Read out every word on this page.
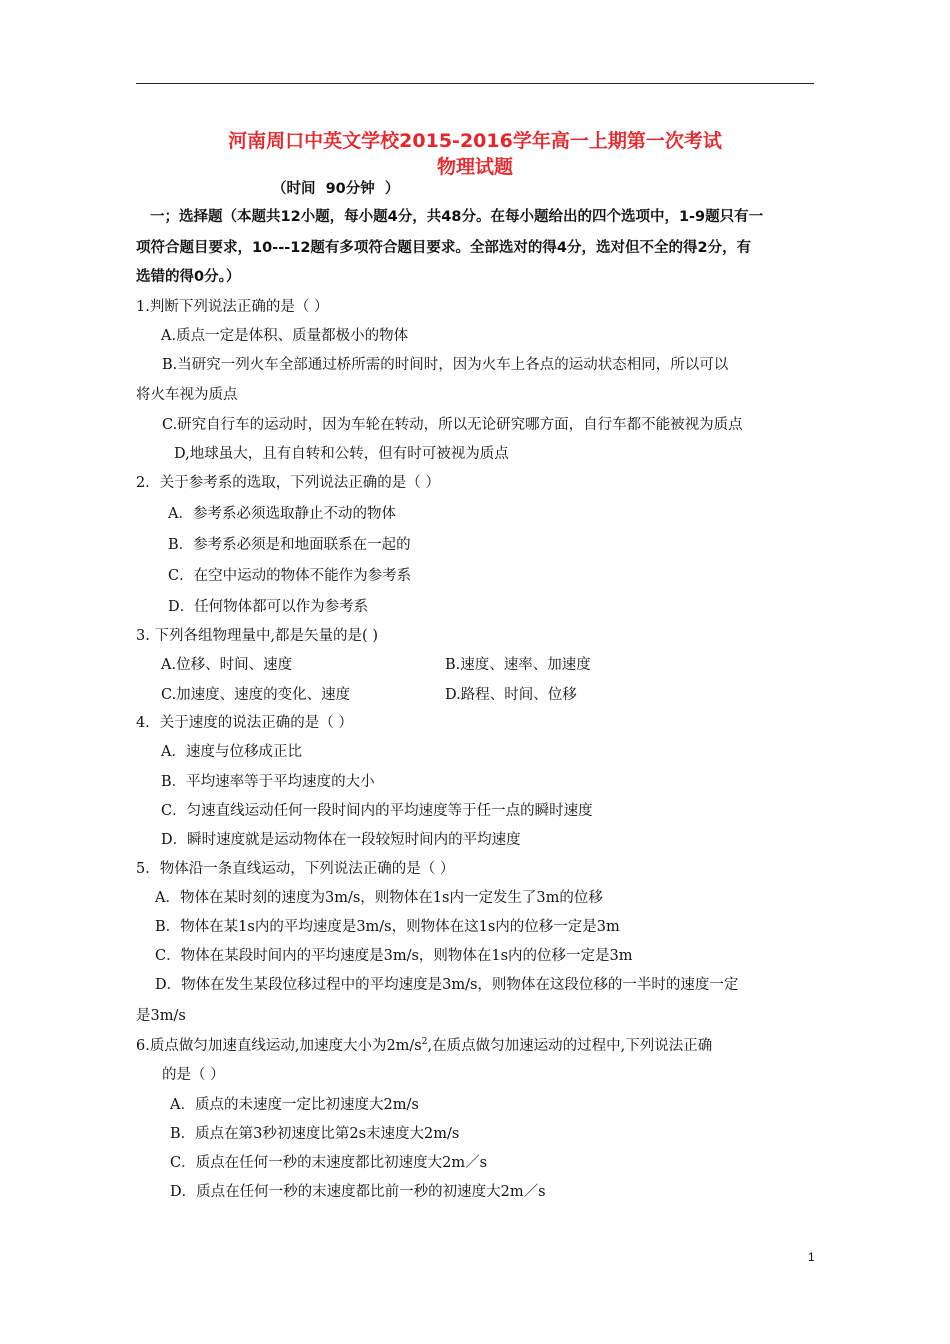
河南周口中英文学校2015-2016学年高一上期第一次考试
物理试题
（时间  90分钟  ）
一；选择题（本题共12小题，每小题4分，共48分。在每小题给出的四个选项中，1-9题只有一
项符合题目要求，10---12题有多项符合题目要求。全部选对的得4分，选对但不全的得2分，有
选错的得0分。）
1.判断下列说法正确的是（ ）
A.质点一定是体积、质量都极小的物体
B.当研究一列火车全部通过桥所需的时间时，因为火车上各点的运动状态相同，所以可以
将火车视为质点
C.研究自行车的运动时，因为车轮在转动，所以无论研究哪方面，自行车都不能被视为质点
D,地球虽大，且有自转和公转，但有时可被视为质点
2．关于参考系的选取，下列说法正确的是（ ）
A．参考系必须选取静止不动的物体
B．参考系必须是和地面联系在一起的
C．在空中运动的物体不能作为参考系
D．任何物体都可以作为参考系
3. 下列各组物理量中,都是矢量的是( )
A.位移、时间、速度	B.速度、速率、加速度
C.加速度、速度的变化、速度	D.路程、时间、位移
4．关于速度的说法正确的是（ ）
A．速度与位移成正比
B．平均速率等于平均速度的大小
C．匀速直线运动任何一段时间内的平均速度等于任一点的瞬时速度
D．瞬时速度就是运动物体在一段较短时间内的平均速度
5．物体沿一条直线运动，下列说法正确的是（ ）
A．物体在某时刻的速度为3m/s，则物体在1s内一定发生了3m的位移
B．物体在某1s内的平均速度是3m/s，则物体在这1s内的位移一定是3m
C．物体在某段时间内的平均速度是3m/s，则物体在1s内的位移一定是3m
D．物体在发生某段位移过程中的平均速度是3m/s，则物体在这段位移的一半时的速度一定
是3m/s
6.质点做匀加速直线运动,加速度大小为$2m/s^2$,在质点做匀加速运动的过程中,下列说法正确
的是（ ）
A．质点的未速度一定比初速度大2m/s
B．质点在第3秒初速度比第2s末速度大2m/s
C．质点在任何一秒的末速度都比初速度大2m／s
D．质点在任何一秒的末速度都比前一秒的初速度大2m／s
1
